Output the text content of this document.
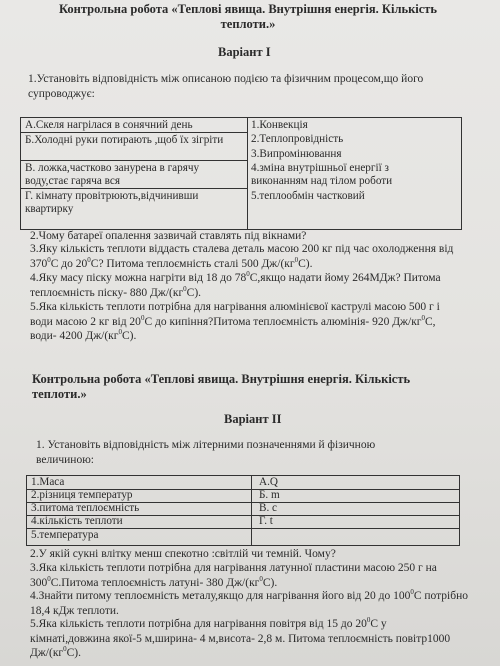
Контрольна робота «Теплові явища. Внутрішня енергія. Кількість теплоти.»
Варіант І
1.Установіть відповідність між описаною подією та фізичним процесом,що його супроводжує:
А.Скеля нагрілася в сонячний день
Б.Холодні руки потирають ,щоб їх зігріти
В. ложка,частково занурена в гарячу воду,стає гаряча вся
Г. кімнату провітрюють,відчинивши квартирку
1.Конвекція
2.Теплопровідність
3.Випромінювання
4.зміна внутрішньої енергії з виконанням над тілом роботи
5.теплообмін частковий
2.Чому батареї опалення зазвичай ставлять під вікнами?
3.Яку кількість теплоти віддасть сталева деталь масою 200 кг під час охолодження від $370^0С$ до $20^0С$? Питома теплоємність сталі 500 $Дж/(кг^0С)$.
4.Яку масу піску можна нагріти від 18 до $78^0С,якщо$ надати йому 264МДж? Питома теплоємність піску- 880 $Дж/(кг^0С)$.
5.Яка кількість теплоти потрібна для нагрівання алюмінієвої каструлі масою 500 г і води масою 2 кг від $20^0С$ до кипіння?Питома теплоємність алюмінія- 920 $Дж/кг^0С$, води- 4200 $Дж/(кг^0С)$.
Контрольна робота «Теплові явища. Внутрішня енергія. Кількість теплоти.»
Варіант ІІ
1. Установіть відповідність між літерними позначеннями й фізичною величиною:
1.Маса
2.різниця температур
3.питома теплоємність
4.кількість теплоти
5.температура
А.Q
Б. m
В. c
Г. t
2.У якій сукні влітку менш спекотно :світлій чи темній. Чому?
3.Яка кількість теплоти потрібна для нагрівання латунної пластини масою 250 г на $300^0С.Питома$ теплоємність латуні- 380 $Дж/(кг^0С)$.
4.Знайти питому теплоємність металу,якщо для нагрівання його від 20 до $100^0С$ потрібно 18,4 кДж теплоти.
5.Яка кількість теплоти потрібна для нагрівання повітря від 15 до $20^0С$ у кімнаті,довжина якої-5 м,ширина- 4 м,висота- 2,8 м. Питома теплоємність повітр1000 $Дж/(кг^0С)$.
